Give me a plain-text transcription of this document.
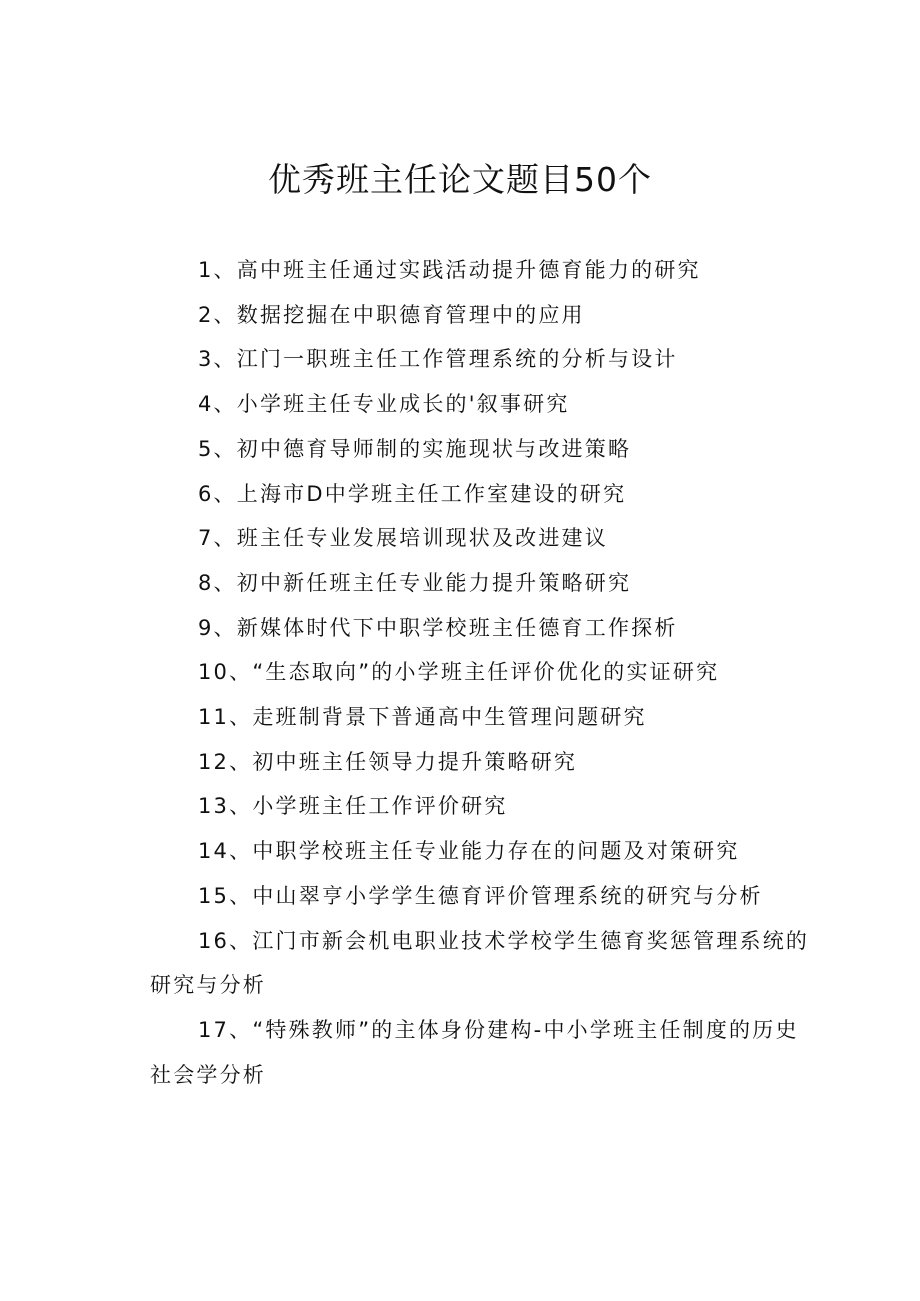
优秀班主任论文题目50个
1、高中班主任通过实践活动提升德育能力的研究
2、数据挖掘在中职德育管理中的应用
3、江门一职班主任工作管理系统的分析与设计
4、小学班主任专业成长的'叙事研究
5、初中德育导师制的实施现状与改进策略
6、上海市D中学班主任工作室建设的研究
7、班主任专业发展培训现状及改进建议
8、初中新任班主任专业能力提升策略研究
9、新媒体时代下中职学校班主任德育工作探析
10、“生态取向”的小学班主任评价优化的实证研究
11、走班制背景下普通高中生管理问题研究
12、初中班主任领导力提升策略研究
13、小学班主任工作评价研究
14、中职学校班主任专业能力存在的问题及对策研究
15、中山翠亨小学学生德育评价管理系统的研究与分析
16、江门市新会机电职业技术学校学生德育奖惩管理系统的研究与分析
17、“特殊教师”的主体身份建构-中小学班主任制度的历史社会学分析
